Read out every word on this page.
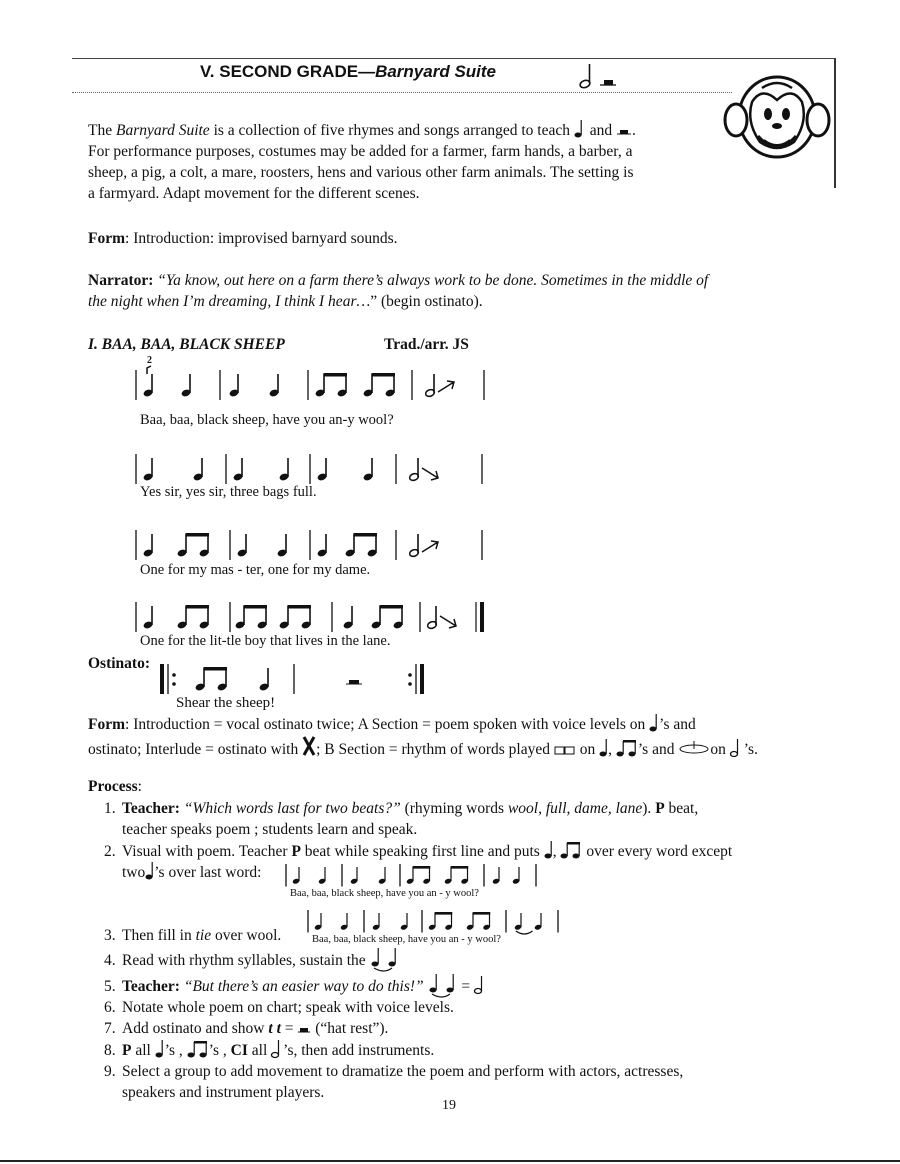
V. SECOND GRADE—Barnyard Suite
The Barnyard Suite is a collection of five rhymes and songs arranged to teach and .
For performance purposes, costumes may be added for a farmer, farm hands, a barber, a
sheep, a pig, a colt, a mare, roosters, hens and various other farm animals. The setting is
a farmyard. Adapt movement for the different scenes.
Form: Introduction: improvised barnyard sounds.
Narrator: “Ya know, out here on a farm there’s always work to be done. Sometimes in the middle of
the night when I’m dreaming, I think I hear…” (begin ostinato).
I. BAA, BAA, BLACK SHEEP	Trad./arr. JS
2
Baa, baa, black sheep, have you an-y wool?
Yes sir, yes sir, three bags full.
One for my mas - ter, one for my dame.
One for the lit-tle boy that lives in the lane.
Ostinato:
Shear the sheep!
Form: Introduction = vocal ostinato twice; A Section = poem spoken with voice levels on ’s and
ostinato; Interlude = ostinato with ; B Section = rhythm of words played on , ’s and on ’s.
Process:
1. Teacher: “Which words last for two beats?” (rhyming words wool, full, dame, lane). P beat,
teacher speaks poem ; students learn and speak.
2. Visual with poem. Teacher P beat while speaking first line and puts , over every word except
two ’s over last word:
3. Then fill in tie over wool.
4. Read with rhythm syllables, sustain the
5. Teacher: “But there’s an easier way to do this!” =
6. Notate whole poem on chart; speak with voice levels.
7. Add ostinato and show t t = (“hat rest”).
8. P all ’s , ’s , CI all ’s, then add instruments.
9. Select a group to add movement to dramatize the poem and perform with actors, actresses,
speakers and instrument players.
Baa, baa, black sheep, have you an - y wool?
Baa, baa, black sheep, have you an - y wool?
19
